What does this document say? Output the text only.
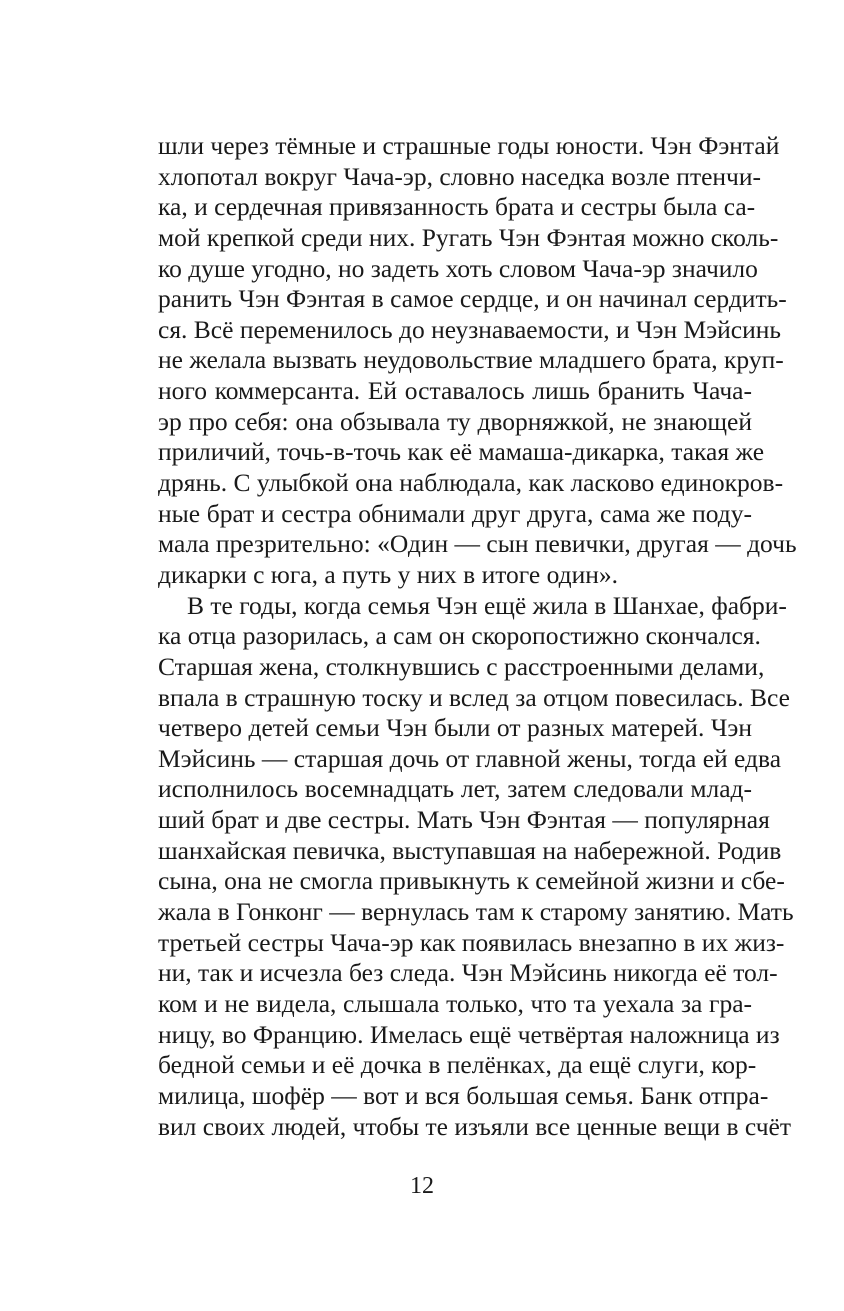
шли через тёмные и страшные годы юности. Чэн Фэнтай
хлопотал вокруг Чача-эр, словно наседка возле птенчи-
ка, и сердечная привязанность брата и сестры была са-
мой крепкой среди них. Ругать Чэн Фэнтая можно сколь-
ко душе угодно, но задеть хоть словом Чача-эр значило
ранить Чэн Фэнтая в самое сердце, и он начинал сердить-
ся. Всё переменилось до неузнаваемости, и Чэн Мэйсинь
не желала вызвать неудовольствие младшего брата, круп-
ного коммерсанта. Ей оставалось лишь бранить Чача-
эр про себя: она обзывала ту дворняжкой, не знающей
приличий, точь-в-точь как её мамаша-дикарка, такая же
дрянь. С улыбкой она наблюдала, как ласково единокров-
ные брат и сестра обнимали друг друга, сама же поду-
мала презрительно: «Один — сын певички, другая — дочь
дикарки с юга, а путь у них в итоге один».
В те годы, когда семья Чэн ещё жила в Шанхае, фабри-
ка отца разорилась, а сам он скоропостижно скончался.
Старшая жена, столкнувшись с расстроенными делами,
впала в страшную тоску и вслед за отцом повесилась. Все
четверо детей семьи Чэн были от разных матерей. Чэн
Мэйсинь — старшая дочь от главной жены, тогда ей едва
исполнилось восемнадцать лет, затем следовали млад-
ший брат и две сестры. Мать Чэн Фэнтая — популярная
шанхайская певичка, выступавшая на набережной. Родив
сына, она не смогла привыкнуть к семейной жизни и сбе-
жала в Гонконг — вернулась там к старому занятию. Мать
третьей сестры Чача-эр как появилась внезапно в их жиз-
ни, так и исчезла без следа. Чэн Мэйсинь никогда её тол-
ком и не видела, слышала только, что та уехала за гра-
ницу, во Францию. Имелась ещё четвёртая наложница из
бедной семьи и её дочка в пелёнках, да ещё слуги, кор-
милица, шофёр — вот и вся большая семья. Банк отпра-
вил своих людей, чтобы те изъяли все ценные вещи в счёт
12
